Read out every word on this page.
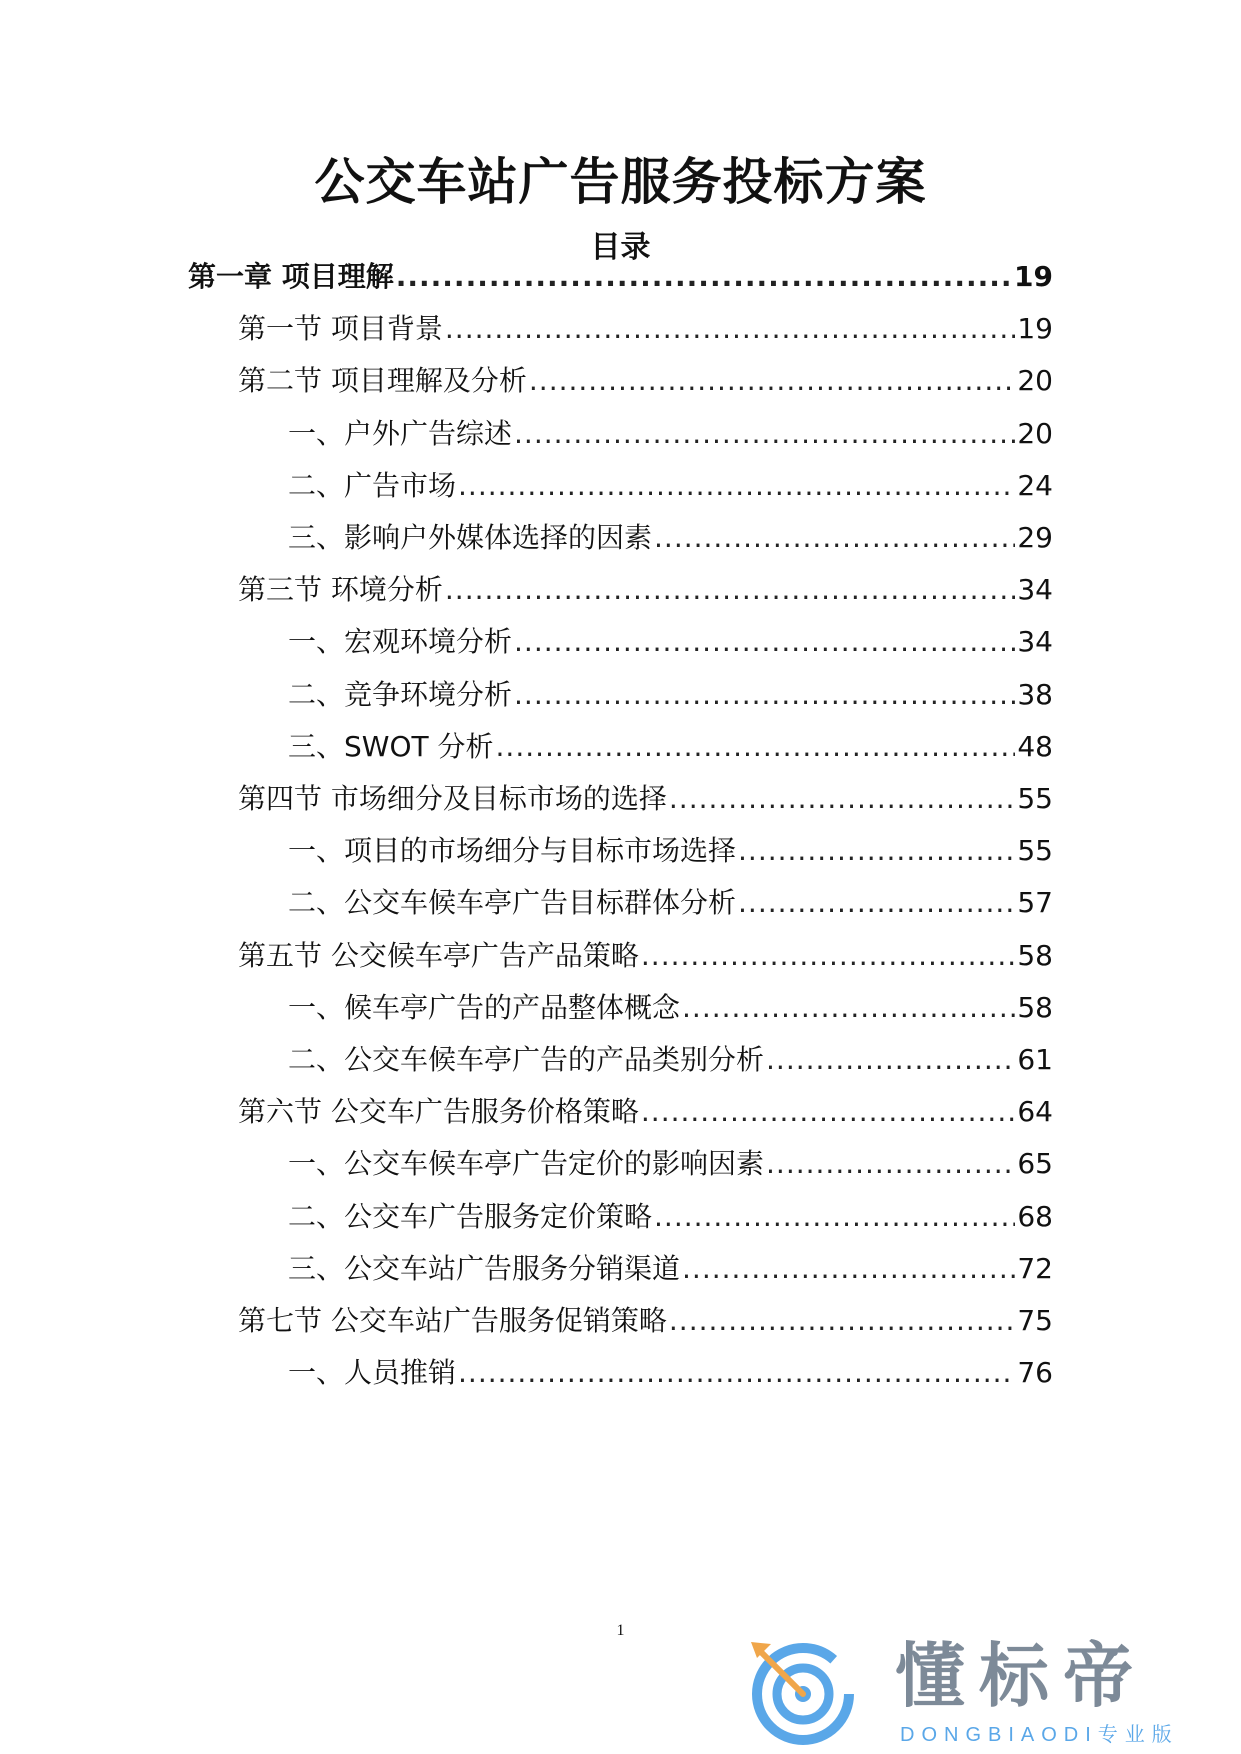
公交车站广告服务投标方案
目录
第一章 项目理解 .....	19
第一节 项目背景 .....	19
第二节 项目理解及分析 .....	20
一、户外广告综述 .....	20
二、广告市场 .....	24
三、影响户外媒体选择的因素 .....	29
第三节 环境分析 .....	34
一、宏观环境分析 .....	34
二、竞争环境分析 .....	38
三、SWOT 分析 .....	48
第四节 市场细分及目标市场的选择 .....	55
一、项目的市场细分与目标市场选择 .....	55
二、公交车候车亭广告目标群体分析 .....	57
第五节 公交候车亭广告产品策略 .....	58
一、候车亭广告的产品整体概念 .....	58
二、公交车候车亭广告的产品类别分析 .....	61
第六节 公交车广告服务价格策略 .....	64
一、公交车候车亭广告定价的影响因素 .....	65
二、公交车广告服务定价策略 .....	68
三、公交车站广告服务分销渠道 .....	72
第七节 公交车站广告服务促销策略 .....	75
一、人员推销 .....	76
1
懂标帝
DONGBIAODI专业版
